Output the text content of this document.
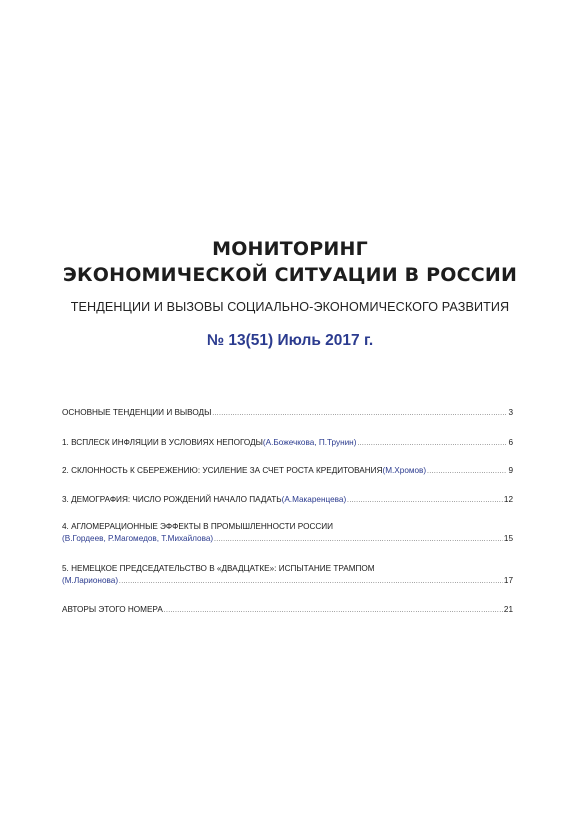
МОНИТОРИНГ
ЭКОНОМИЧЕСКОЙ СИТУАЦИИ В РОССИИ
ТЕНДЕНЦИИ И ВЫЗОВЫ СОЦИАЛЬНО-ЭКОНОМИЧЕСКОГО РАЗВИТИЯ
№ 13(51) Июль 2017 г.
ОСНОВНЫЕ ТЕНДЕНЦИИ И ВЫВОДЫ .....	3
1. ВСПЛЕСК ИНФЛЯЦИИ В УСЛОВИЯХ НЕПОГОДЫ (А.Божечкова, П.Трунин) .....	6
2. СКЛОННОСТЬ К СБЕРЕЖЕНИЮ: УСИЛЕНИЕ ЗА СЧЕТ РОСТА КРЕДИТОВАНИЯ (М.Хромов) .....	9
3. ДЕМОГРАФИЯ: ЧИСЛО РОЖДЕНИЙ НАЧАЛО ПАДАТЬ (А.Макаренцева) .....	12
4. АГЛОМЕРАЦИОННЫЕ ЭФФЕКТЫ В ПРОМЫШЛЕННОСТИ РОССИИ
(В.Гордеев, Р.Магомедов, Т.Михайлова) .....	15
5. НЕМЕЦКОЕ ПРЕДСЕДАТЕЛЬСТВО В «ДВАДЦАТКЕ»: ИСПЫТАНИЕ ТРАМПОМ
(М.Ларионова) .....	17
АВТОРЫ ЭТОГО НОМЕРА .....	21
